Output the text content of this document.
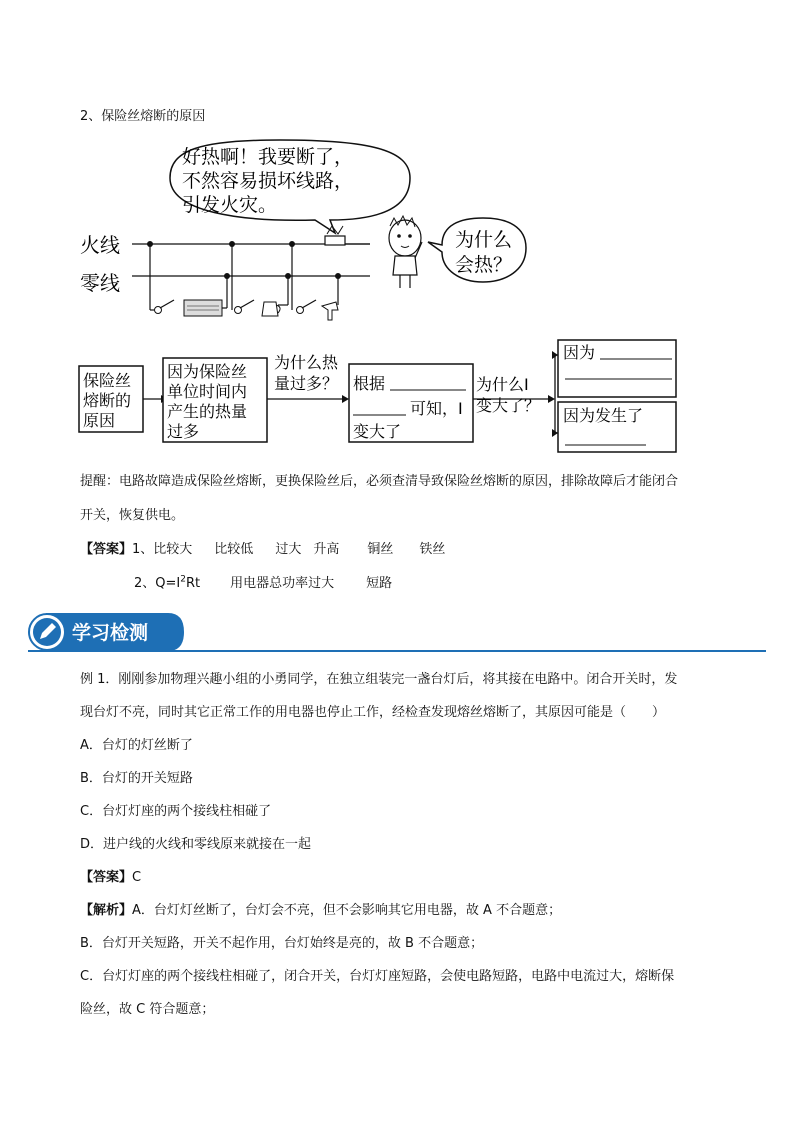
2、保险丝熔断的原因
好热啊！我要断了，
不然容易损坏线路，
引发火灾。
火线
零线
为什么
会热？
保险丝
熔断的
原因
因为保险丝
单位时间内
产生的热量
过多
为什么热
量过多？ 根据
可知，I
变大了
为什么I
变大了？
因为
因为发生了
提醒：电路故障造成保险丝熔断，更换保险丝后，必须查清导致保险丝熔断的原因，排除故障后才能闭合
开关，恢复供电。
【答案】1、比较大 比较低 过大 升高 铜丝 铁丝
2、$Q=I^2Rt$ 用电器总功率过大 短路
学习检测
例 1．刚刚参加物理兴趣小组的小勇同学，在独立组装完一盏台灯后，将其接在电路中。闭合开关时，发
现台灯不亮，同时其它正常工作的用电器也停止工作，经检查发现熔丝熔断了，其原因可能是（　　）
A．台灯的灯丝断了
B．台灯的开关短路
C．台灯灯座的两个接线柱相碰了
D．进户线的火线和零线原来就接在一起
【答案】C
【解析】A．台灯灯丝断了，台灯会不亮，但不会影响其它用电器，故 A 不合题意；
B．台灯开关短路，开关不起作用，台灯始终是亮的，故 B 不合题意；
C．台灯灯座的两个接线柱相碰了，闭合开关，台灯灯座短路，会使电路短路，电路中电流过大，熔断保
险丝，故 C 符合题意；
